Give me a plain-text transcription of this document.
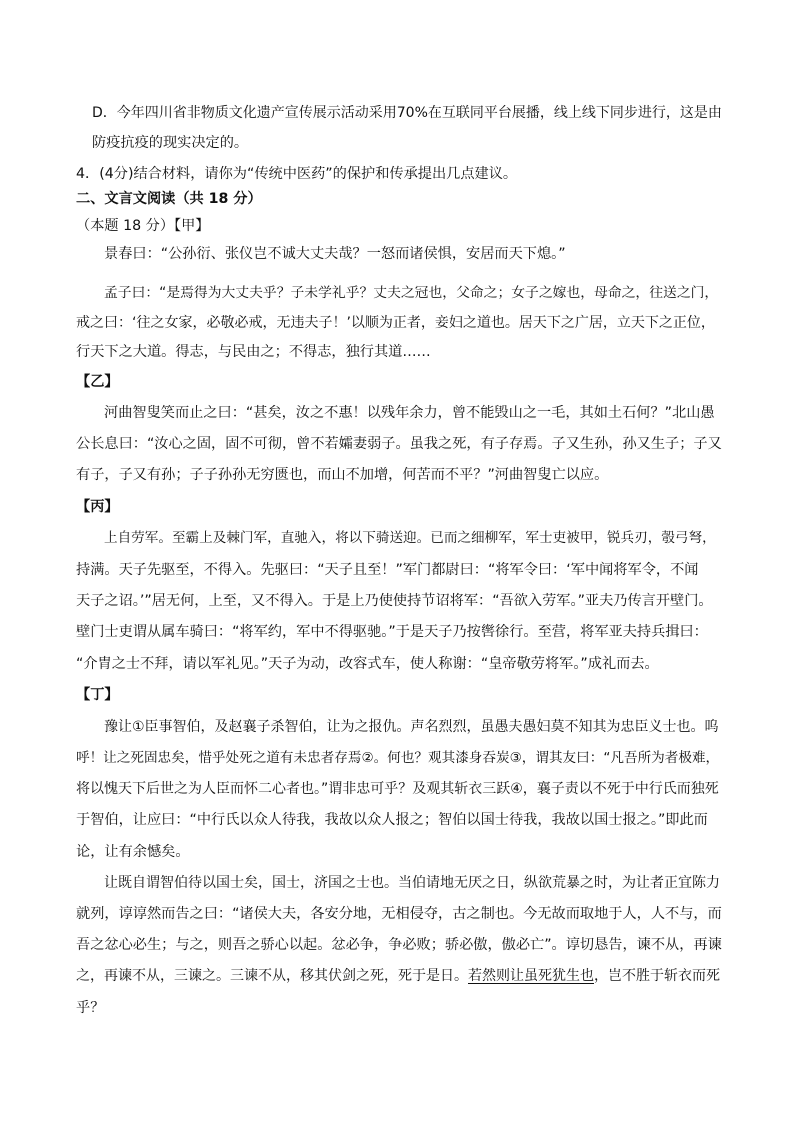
D．今年四川省非物质文化遗产宣传展示活动采用70%在互联同平台展播，线上线下同步进行，这是由
防疫抗疫的现实决定的。
4．(4分)结合材料，请你为“传统中医药”的保护和传承提出几点建议。
二、文言文阅读（共 18 分）
（本题 18 分）【甲】
景春曰：“公孙衍、张仪岂不诚大丈夫哉？一怒而诸侯惧，安居而天下熄。”
孟子曰：“是焉得为大丈夫乎？子未学礼乎？丈夫之冠也，父命之；女子之嫁也，母命之，往送之门，
戒之曰：‘往之女家，必敬必戒，无违夫子！’以顺为正者，妾妇之道也。居天下之广居，立天下之正位，
行天下之大道。得志，与民由之；不得志，独行其道……
【乙】
河曲智叟笑而止之曰：“甚矣，汝之不惠！以残年余力，曾不能毁山之一毛，其如土石何？”北山愚
公长息曰：“汝心之固，固不可彻，曾不若孀妻弱子。虽我之死，有子存焉。子又生孙，孙又生子；子又
有子，子又有孙；子子孙孙无穷匮也，而山不加增，何苦而不平？”河曲智叟亡以应。
【丙】
上自劳军。至霸上及棘门军，直驰入，将以下骑送迎。已而之细柳军，军士吏被甲，锐兵刃，彀弓弩，
持满。天子先驱至，不得入。先驱曰：“天子且至！”军门都尉曰：“将军令曰：‘军中闻将军令，不闻
天子之诏。’”居无何，上至，又不得入。于是上乃使使持节诏将军：“吾欲入劳军。”亚夫乃传言开壁门。
壁门士吏谓从属车骑曰：“将军约，军中不得驱驰。”于是天子乃按辔徐行。至营，将军亚夫持兵揖曰：
“介胄之士不拜，请以军礼见。”天子为动，改容式车，使人称谢：“皇帝敬劳将军。”成礼而去。
【丁】
豫让①臣事智伯，及赵襄子杀智伯，让为之报仇。声名烈烈，虽愚夫愚妇莫不知其为忠臣义士也。呜
呼！让之死固忠矣，惜乎处死之道有未忠者存焉②。何也？观其漆身吞炭③，谓其友曰：“凡吾所为者极难，
将以愧天下后世之为人臣而怀二心者也。”谓非忠可乎？及观其斩衣三跃④，襄子责以不死于中行氏而独死
于智伯，让应曰：“中行氏以众人待我，我故以众人报之；智伯以国士待我，我故以国士报之。”即此而
论，让有余憾矣。
让既自谓智伯待以国士矣，国士，济国之士也。当伯请地无厌之日，纵欲荒暴之时，为让者正宜陈力
就列，谆谆然而告之曰：“诸侯大夫，各安分地，无相侵夺，古之制也。今无故而取地于人，人不与，而
吾之忿心必生；与之，则吾之骄心以起。忿必争，争必败；骄必傲，傲必亡”。谆切恳告，谏不从，再谏
之，再谏不从，三谏之。三谏不从，移其伏剑之死，死于是日。若然则让虽死犹生也，岂不胜于斩衣而死
乎？
